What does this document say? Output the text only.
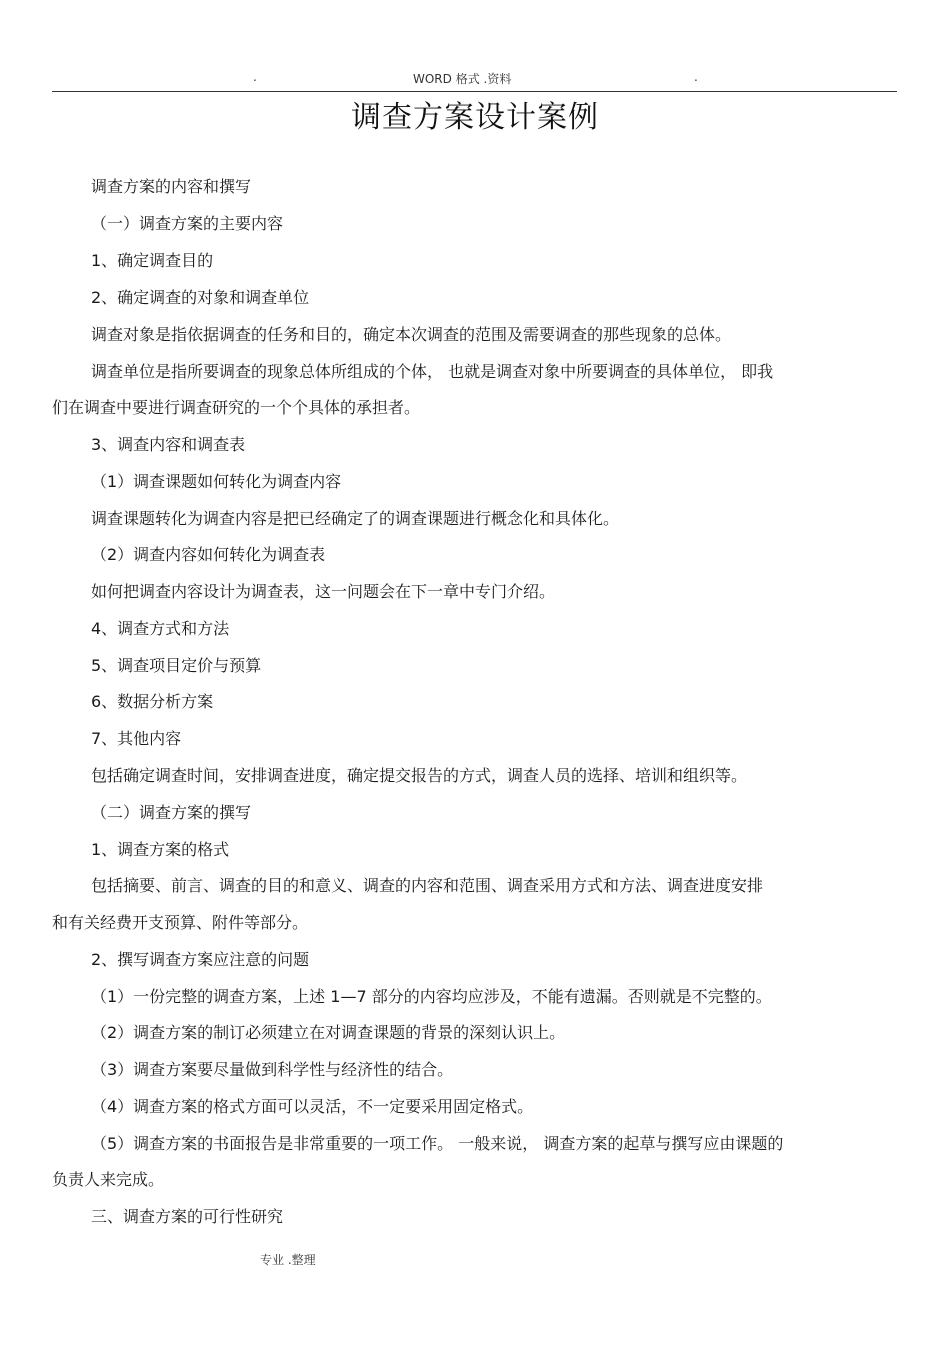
.	WORD 格式 .资料	.
调查方案设计案例
调查方案的内容和撰写
（一）调查方案的主要内容
1、确定调查目的
2、确定调查的对象和调查单位
调查对象是指依据调查的任务和目的，确定本次调查的范围及需要调查的那些现象的总体。
调查单位是指所要调查的现象总体所组成的个体， 也就是调查对象中所要调查的具体单位， 即我
们在调查中要进行调查研究的一个个具体的承担者。
3、调查内容和调查表
（1）调查课题如何转化为调查内容
调查课题转化为调查内容是把已经确定了的调查课题进行概念化和具体化。
（2）调查内容如何转化为调查表
如何把调查内容设计为调查表，这一问题会在下一章中专门介绍。
4、调查方式和方法
5、调查项目定价与预算
6、数据分析方案
7、其他内容
包括确定调查时间，安排调查进度，确定提交报告的方式，调查人员的选择、培训和组织等。
（二）调查方案的撰写
1、调查方案的格式
包括摘要、前言、调查的目的和意义、调查的内容和范围、调查采用方式和方法、调查进度安排
和有关经费开支预算、附件等部分。
2、撰写调查方案应注意的问题
（1）一份完整的调查方案，上述 1—7 部分的内容均应涉及，不能有遗漏。否则就是不完整的。
（2）调查方案的制订必须建立在对调查课题的背景的深刻认识上。
（3）调查方案要尽量做到科学性与经济性的结合。
（4）调查方案的格式方面可以灵活，不一定要采用固定格式。
（5）调查方案的书面报告是非常重要的一项工作。 一般来说， 调查方案的起草与撰写应由课题的
负责人来完成。
三、调查方案的可行性研究
专业 .整理
